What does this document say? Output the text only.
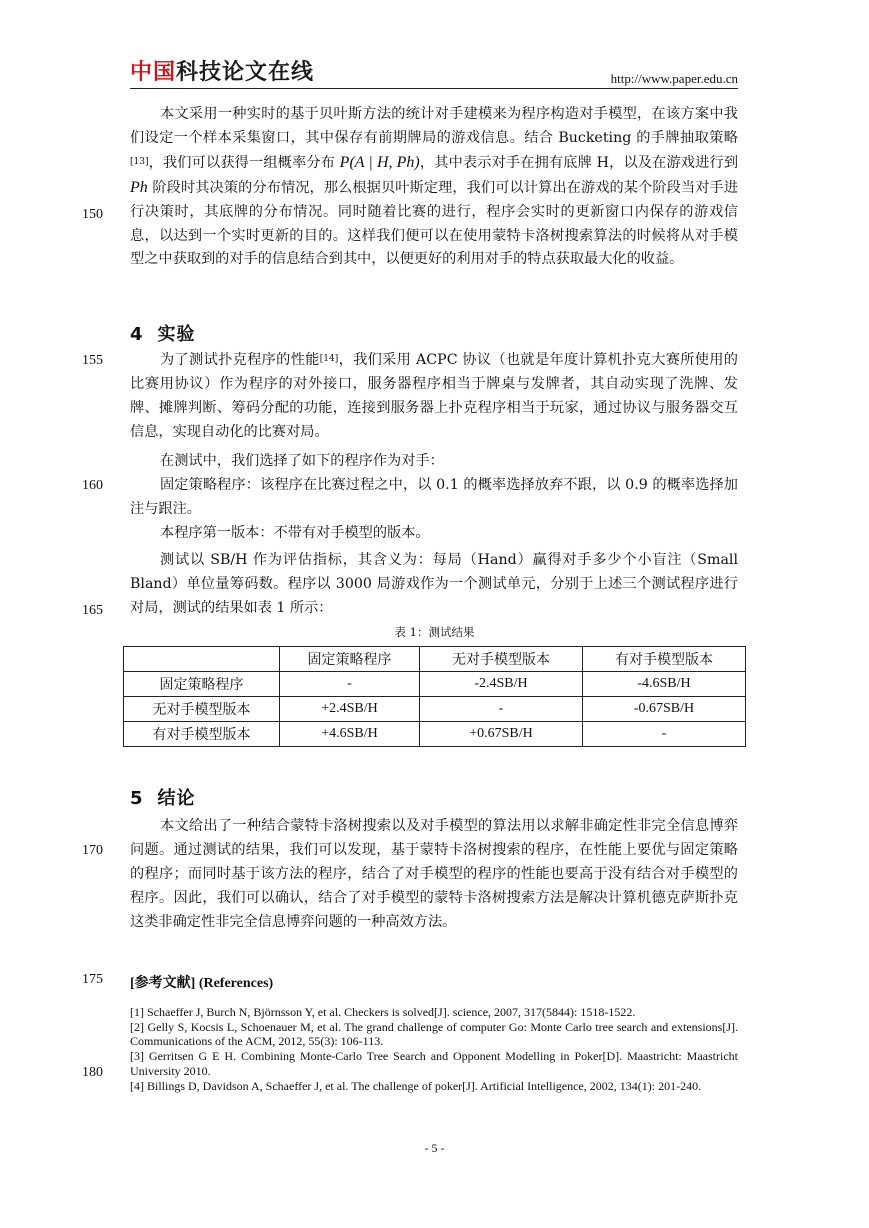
中国科技论文在线	http://www.paper.edu.cn
150
155
160
165
170
175
180

本文采用一种实时的基于贝叶斯方法的统计对手建模来为程序构造对手模型，在该方案中我们设定一个样本采集窗口，其中保存有前期牌局的游戏信息。结合 Bucketing 的手牌抽取策略[13]，我们可以获得一组概率分布 P(A | H, Ph)，其中表示对手在拥有底牌 H，以及在游戏进行到 Ph 阶段时其决策的分布情况，那么根据贝叶斯定理，我们可以计算出在游戏的某个阶段当对手进行决策时，其底牌的分布情况。同时随着比赛的进行，程序会实时的更新窗口内保存的游戏信息，以达到一个实时更新的目的。这样我们便可以在使用蒙特卡洛树搜索算法的时候将从对手模型之中获取到的对手的信息结合到其中，以便更好的利用对手的特点获取最大化的收益。

4 实验

为了测试扑克程序的性能[14]，我们采用 ACPC 协议（也就是年度计算机扑克大赛所使用的比赛用协议）作为程序的对外接口，服务器程序相当于牌桌与发牌者，其自动实现了洗牌、发牌、摊牌判断、筹码分配的功能，连接到服务器上扑克程序相当于玩家，通过协议与服务器交互信息，实现自动化的比赛对局。

在测试中，我们选择了如下的程序作为对手：

固定策略程序：该程序在比赛过程之中，以 0.1 的概率选择放弃不跟，以 0.9 的概率选择加注与跟注。

本程序第一版本：不带有对手模型的版本。

测试以 SB/H 作为评估指标，其含义为：每局（Hand）赢得对手多少个小盲注（Small Bland）单位量筹码数。程序以 3000 局游戏作为一个测试单元，分别于上述三个测试程序进行对局，测试的结果如表 1 所示：

表 1：测试结果
	固定策略程序	无对手模型版本	有对手模型版本
固定策略程序	-	-2.4SB/H	-4.6SB/H
无对手模型版本	+2.4SB/H	-	-0.67SB/H
有对手模型版本	+4.6SB/H	+0.67SB/H	-
5 结论

本文给出了一种结合蒙特卡洛树搜索以及对手模型的算法用以求解非确定性非完全信息博弈问题。通过测试的结果，我们可以发现，基于蒙特卡洛树搜索的程序，在性能上要优与固定策略的程序；而同时基于该方法的程序，结合了对手模型的程序的性能也要高于没有结合对手模型的程序。因此，我们可以确认，结合了对手模型的蒙特卡洛树搜索方法是解决计算机德克萨斯扑克这类非确定性非完全信息博弈问题的一种高效方法。

[参考文献] (References)

[1] Schaeffer J, Burch N, Björnsson Y, et al. Checkers is solved[J]. science, 2007, 317(5844): 1518-1522.

[2] Gelly S, Kocsis L, Schoenauer M, et al. The grand challenge of computer Go: Monte Carlo tree search and extensions[J]. Communications of the ACM, 2012, 55(3): 106-113.

[3] Gerritsen G E H. Combining Monte-Carlo Tree Search and Opponent Modelling in Poker[D]. Maastricht: Maastricht University 2010.

[4] Billings D, Davidson A, Schaeffer J, et al. The challenge of poker[J]. Artificial Intelligence, 2002, 134(1): 201-240.

- 5 -
